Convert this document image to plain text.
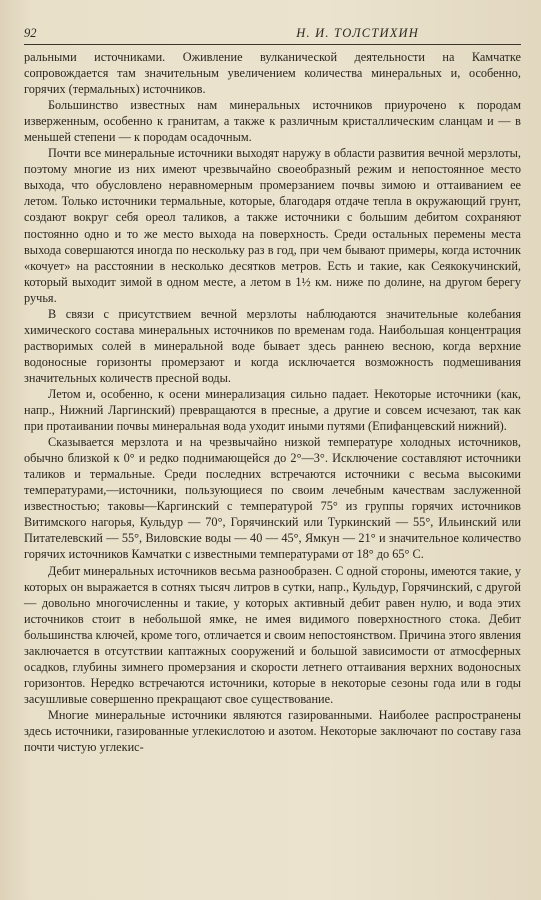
92	Н. И. ТОЛСТИХИН

ральными источниками. Оживление вулканической деятельности на Камчатке сопровождается там значительным увеличением количества минеральных и, особенно, горячих (термальных) источников.

Большинство известных нам минеральных источников приурочено к породам изверженным, особенно к гранитам, а также к различным кристаллическим сланцам и — в меньшей степени — к породам осадочным.

Почти все минеральные источники выходят наружу в области развития вечной мерзлоты, поэтому многие из них имеют чрезвычайно своеобразный режим и непостоянное место выхода, что обусловлено неравномерным промерзанием почвы зимою и оттаиванием ее летом. Только источники термальные, которые, благодаря отдаче тепла в окружающий грунт, создают вокруг себя ореол таликов, а также источники с большим дебитом сохраняют постоянно одно и то же место выхода на поверхность. Среди остальных перемены места выхода совершаются иногда по нескольку раз в год, при чем бывают примеры, когда источник «кочует» на расстоянии в несколько десятков метров. Есть и такие, как Сеякокучинский, который выходит зимой в одном месте, а летом в 1½ км. ниже по долине, на другом берегу ручья.

В связи с присутствием вечной мерзлоты наблюдаются значительные колебания химического состава минеральных источников по временам года. Наибольшая концентрация растворимых солей в минеральной воде бывает здесь раннею весною, когда верхние водоносные горизонты промерзают и когда исключается возможность подмешивания значительных количеств пресной воды.

Летом и, особенно, к осени минерализация сильно падает. Некоторые источники (как, напр., Нижний Ларгинский) превращаются в пресные, а другие и совсем исчезают, так как при протаивании почвы минеральная вода уходит иными путями (Епифанцевский нижний).

Сказывается мерзлота и на чрезвычайно низкой температуре холодных источников, обычно близкой к 0° и редко поднимающейся до 2°—3°. Исключение составляют источники таликов и термальные. Среди последних встречаются источники с весьма высокими температурами,—источники, пользующиеся по своим лечебным качествам заслуженной известностью; таковы—Каргинский с температурой 75° из группы горячих источников Витимского нагорья, Кульдур — 70°, Горячинский или Туркинский — 55°, Ильинский или Питателевский — 55°, Виловские воды — 40 — 45°, Ямкун — 21° и значительное количество горячих источников Камчатки с известными температурами от 18° до 65° С.

Дебит минеральных источников весьма разнообразен. С одной стороны, имеются такие, у которых он выражается в сотнях тысяч литров в сутки, напр., Кульдур, Горячинский, с другой — довольно многочисленны и такие, у которых активный дебит равен нулю, и вода этих источников стоит в небольшой ямке, не имея видимого поверхностного стока. Дебит большинства ключей, кроме того, отличается и своим непостоянством. Причина этого явления заключается в отсутствии каптажных сооружений и большой зависимости от атмосферных осадков, глубины зимнего промерзания и скорости летнего оттаивания верхних водоносных горизонтов. Нередко встречаются источники, которые в некоторые сезоны года или в годы засушливые совершенно прекращают свое существование.

Многие минеральные источники являются газированными. Наиболее распространены здесь источники, газированные углекислотою и азотом. Некоторые заключают по составу газа почти чистую углекис-
